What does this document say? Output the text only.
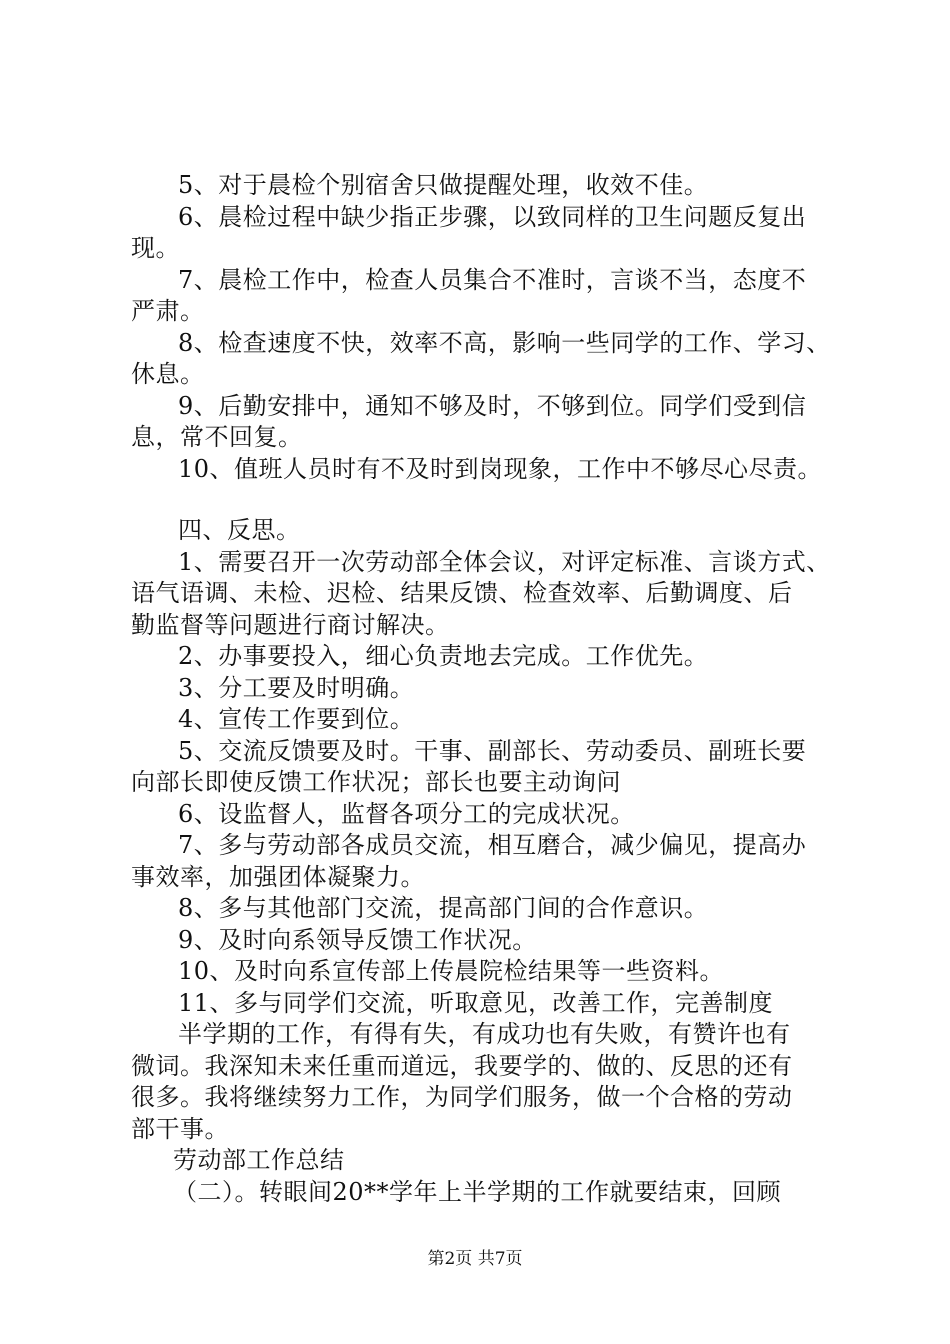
5、对于晨检个别宿舍只做提醒处理，收效不佳。
6、晨检过程中缺少指正步骤，以致同样的卫生问题反复出
现。
7、晨检工作中，检查人员集合不准时，言谈不当，态度不
严肃。
8、检查速度不快，效率不高，影响一些同学的工作、学习、
休息。
9、后勤安排中，通知不够及时，不够到位。同学们受到信
息，常不回复。
10、值班人员时有不及时到岗现象，工作中不够尽心尽责。
四、反思。
1、需要召开一次劳动部全体会议，对评定标准、言谈方式、
语气语调、未检、迟检、结果反馈、检查效率、后勤调度、后
勤监督等问题进行商讨解决。
2、办事要投入，细心负责地去完成。工作优先。
3、分工要及时明确。
4、宣传工作要到位。
5、交流反馈要及时。干事、副部长、劳动委员、副班长要
向部长即使反馈工作状况；部长也要主动询问
6、设监督人，监督各项分工的完成状况。
7、多与劳动部各成员交流，相互磨合，减少偏见，提高办
事效率，加强团体凝聚力。
8、多与其他部门交流，提高部门间的合作意识。
9、及时向系领导反馈工作状况。
10、及时向系宣传部上传晨院检结果等一些资料。
11、多与同学们交流，听取意见，改善工作，完善制度
半学期的工作，有得有失，有成功也有失败，有赞许也有
微词。我深知未来任重而道远，我要学的、做的、反思的还有
很多。我将继续努力工作，为同学们服务，做一个合格的劳动
部干事。
劳动部工作总结
（二）。转眼间20**学年上半学期的工作就要结束，回顾
第2页 共7页
